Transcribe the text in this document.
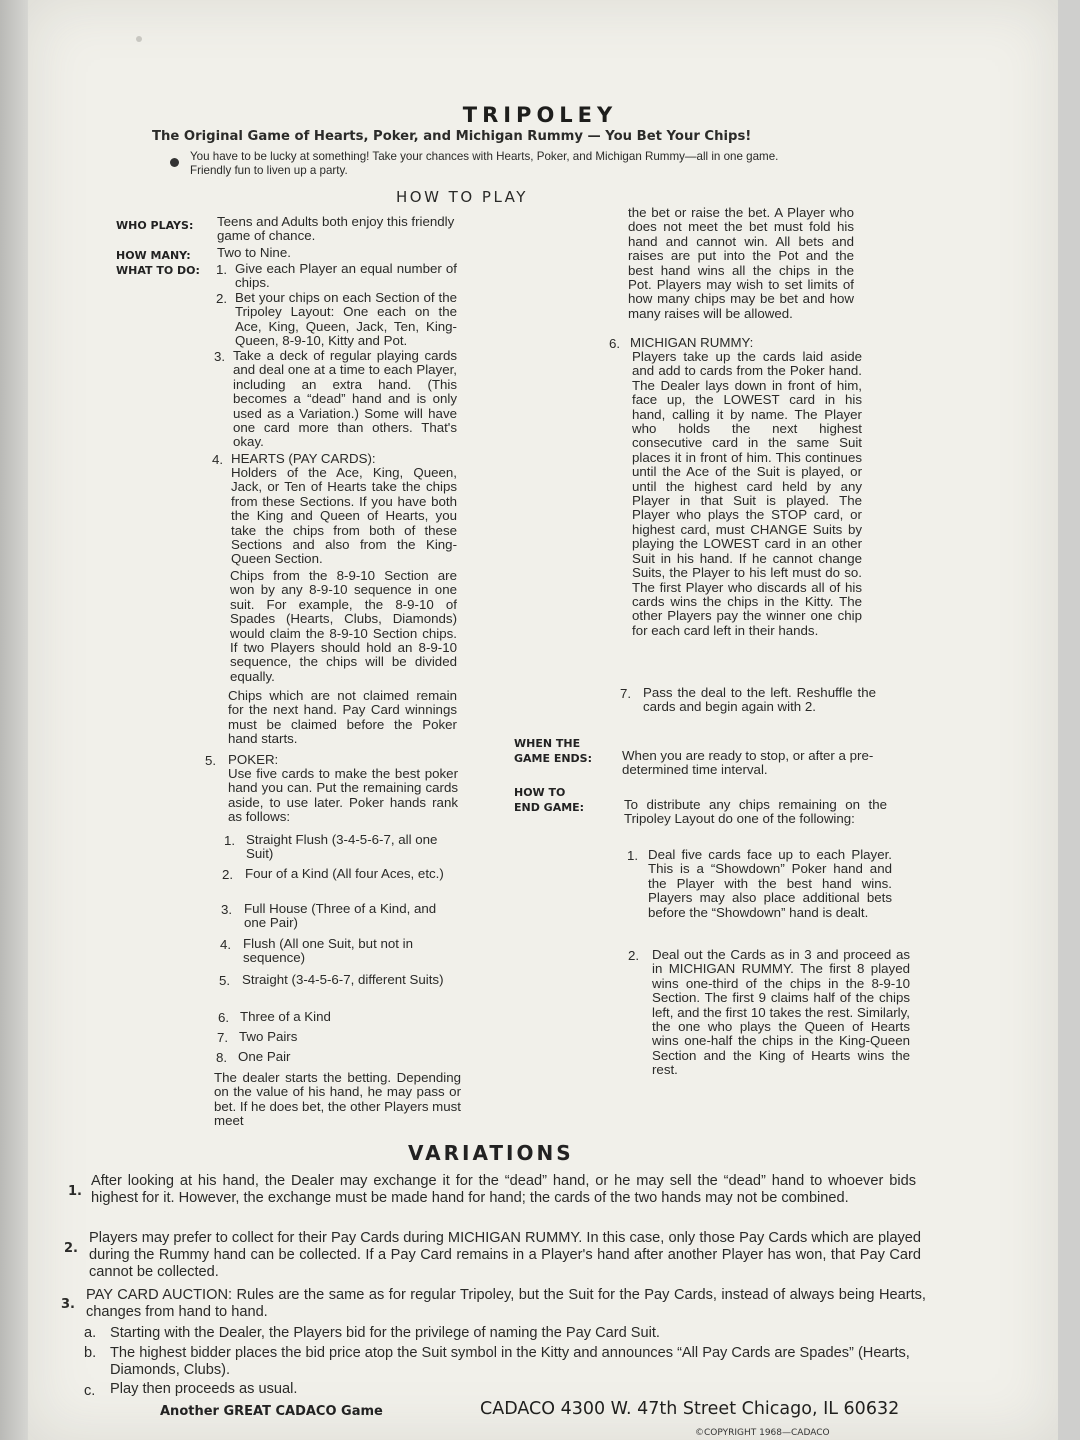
TRIPOLEY
The Original Game of Hearts, Poker, and Michigan Rummy — You Bet Your Chips!
You have to be lucky at something! Take your chances with Hearts, Poker, and Michigan Rummy—all in one game. Friendly fun to liven up a party.
HOW TO PLAY
WHO PLAYS: Teens and Adults both enjoy this friendly game of chance.
HOW MANY: Two to Nine.
WHAT TO DO: 1. Give each Player an equal number of chips.
2. Bet your chips on each Section of the Tripoley Layout: One each on the Ace, King, Queen, Jack, Ten, King-Queen, 8-9-10, Kitty and Pot.
3. Take a deck of regular playing cards and deal one at a time to each Player, including an extra hand. (This becomes a “dead” hand and is only used as a Variation.) Some will have one card more than others. That's okay.
4. HEARTS (PAY CARDS):
Holders of the Ace, King, Queen, Jack, or Ten of Hearts take the chips from these Sections. If you have both the King and Queen of Hearts, you take the chips from both of these Sections and also from the King-Queen Section.
Chips from the 8-9-10 Section are won by any 8-9-10 sequence in one suit. For example, the 8-9-10 of Spades (Hearts, Clubs, Diamonds) would claim the 8-9-10 Section chips. If two Players should hold an 8-9-10 sequence, the chips will be divided equally.
Chips which are not claimed remain for the next hand. Pay Card winnings must be claimed before the Poker hand starts.
5. POKER:
Use five cards to make the best poker hand you can. Put the remaining cards aside, to use later. Poker hands rank as follows:
1. Straight Flush (3-4-5-6-7, all one Suit)
2. Four of a Kind (All four Aces, etc.)
3. Full House (Three of a Kind, and one Pair)
4. Flush (All one Suit, but not in sequence)
5. Straight (3-4-5-6-7, different Suits)
6. Three of a Kind
7. Two Pairs
8. One Pair
The dealer starts the betting. Depending on the value of his hand, he may pass or bet. If he does bet, the other Players must meet
the bet or raise the bet. A Player who does not meet the bet must fold his hand and cannot win. All bets and raises are put into the Pot and the best hand wins all the chips in the Pot. Players may wish to set limits of how many chips may be bet and how many raises will be allowed.
6. MICHIGAN RUMMY:
Players take up the cards laid aside and add to cards from the Poker hand. The Dealer lays down in front of him, face up, the LOWEST card in his hand, calling it by name. The Player who holds the next highest consecutive card in the same Suit places it in front of him. This continues until the Ace of the Suit is played, or until the highest card held by any Player in that Suit is played. The Player who plays the STOP card, or highest card, must CHANGE Suits by playing the LOWEST card in an other Suit in his hand. If he cannot change Suits, the Player to his left must do so. The first Player who discards all of his cards wins the chips in the Kitty. The other Players pay the winner one chip for each card left in their hands.
7. Pass the deal to the left. Reshuffle the cards and begin again with 2.
WHEN THE
GAME ENDS: When you are ready to stop, or after a pre-determined time interval.
HOW TO
END GAME:	To distribute any chips remaining on the Tripoley Layout do one of the following:
1. Deal five cards face up to each Player. This is a “Showdown” Poker hand and the Player with the best hand wins. Players may also place additional bets before the “Showdown” hand is dealt.
2. Deal out the Cards as in 3 and proceed as in MICHIGAN RUMMY. The first 8 played wins one-third of the chips in the 8-9-10 Section. The first 9 claims half of the chips left, and the first 10 takes the rest. Similarly, the one who plays the Queen of Hearts wins one-half the chips in the King-Queen Section and the King of Hearts wins the rest.
VARIATIONS
1.
After looking at his hand, the Dealer may exchange it for the “dead” hand, or he may sell the “dead” hand to whoever bids highest for it. However, the exchange must be made hand for hand; the cards of the two hands may not be combined.
2.
Players may prefer to collect for their Pay Cards during MICHIGAN RUMMY. In this case, only those Pay Cards which are played during the Rummy hand can be collected. If a Pay Card remains in a Player's hand after another Player has won, that Pay Card cannot be collected.
3.
PAY CARD AUCTION: Rules are the same as for regular Tripoley, but the Suit for the Pay Cards, instead of always being Hearts, changes from hand to hand.
a. Starting with the Dealer, the Players bid for the privilege of naming the Pay Card Suit.
b. The highest bidder places the bid price atop the Suit symbol in the Kitty and announces “All Pay Cards are Spades” (Hearts, Diamonds, Clubs).
c. Play then proceeds as usual.
Another GREAT CADACO Game	CADACO 4300 W. 47th Street Chicago, IL 60632
©COPYRIGHT 1968—CADACO
